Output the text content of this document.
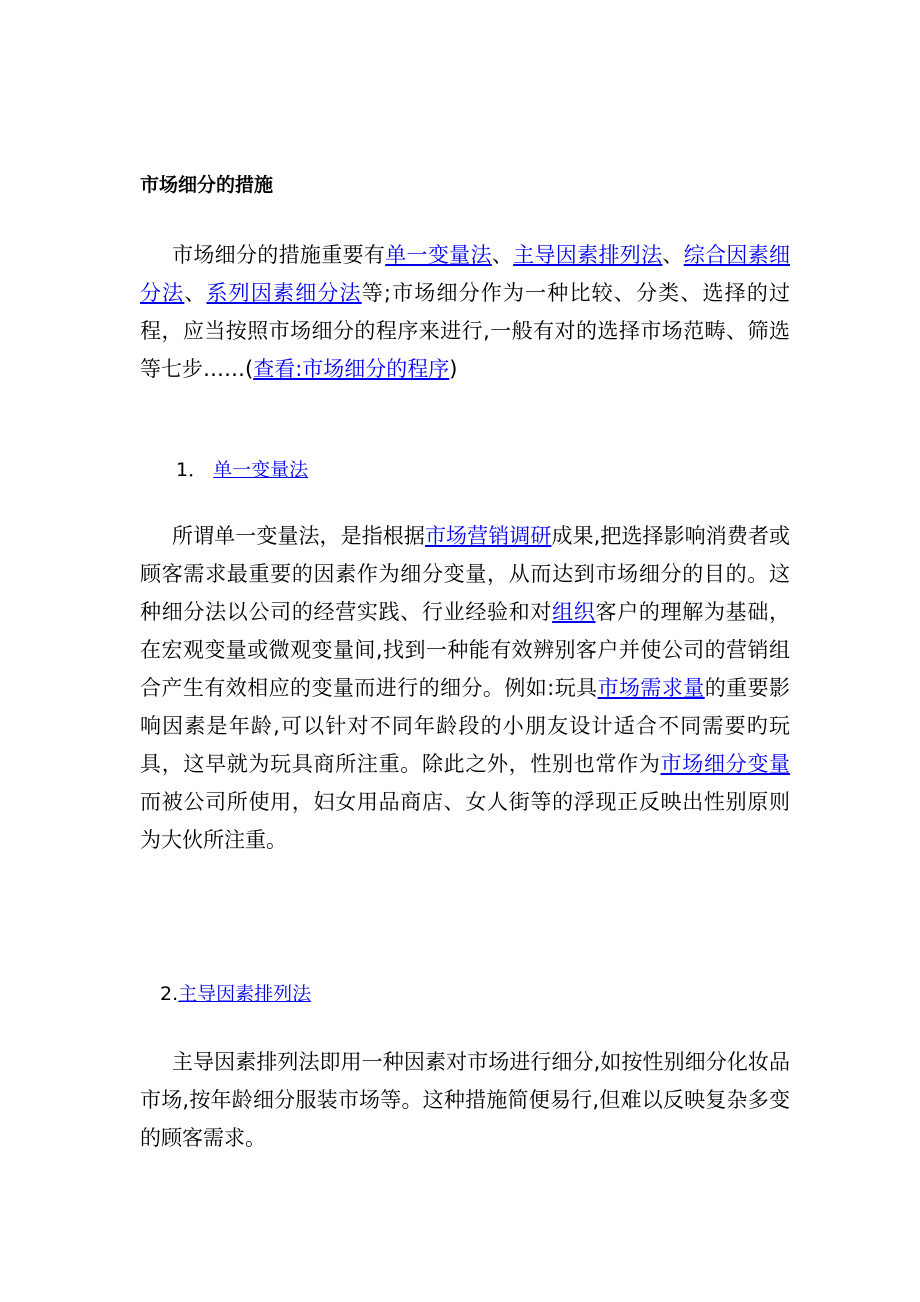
市场细分的措施

市场细分的措施重要有单一变量法、主导因素排列法、综合因素细分法、系列因素细分法等;市场细分作为一种比较、分类、选择的过程，应当按照市场细分的程序来进行,一般有对的选择市场范畴、筛选等七步……(查看:市场细分的程序)

1． 单一变量法

所谓单一变量法，是指根据市场营销调研成果,把选择影响消费者或顾客需求最重要的因素作为细分变量，从而达到市场细分的目的。这种细分法以公司的经营实践、行业经验和对组织客户的理解为基础，在宏观变量或微观变量间,找到一种能有效辨别客户并使公司的营销组合产生有效相应的变量而进行的细分。例如:玩具市场需求量的重要影响因素是年龄,可以针对不同年龄段的小朋友设计适合不同需要旳玩具，这早就为玩具商所注重。除此之外，性别也常作为市场细分变量而被公司所使用，妇女用品商店、女人街等的浮现正反映出性别原则为大伙所注重。

2.主导因素排列法

主导因素排列法即用一种因素对市场进行细分,如按性别细分化妆品市场,按年龄细分服装市场等。这种措施简便易行,但难以反映复杂多变的顾客需求。
